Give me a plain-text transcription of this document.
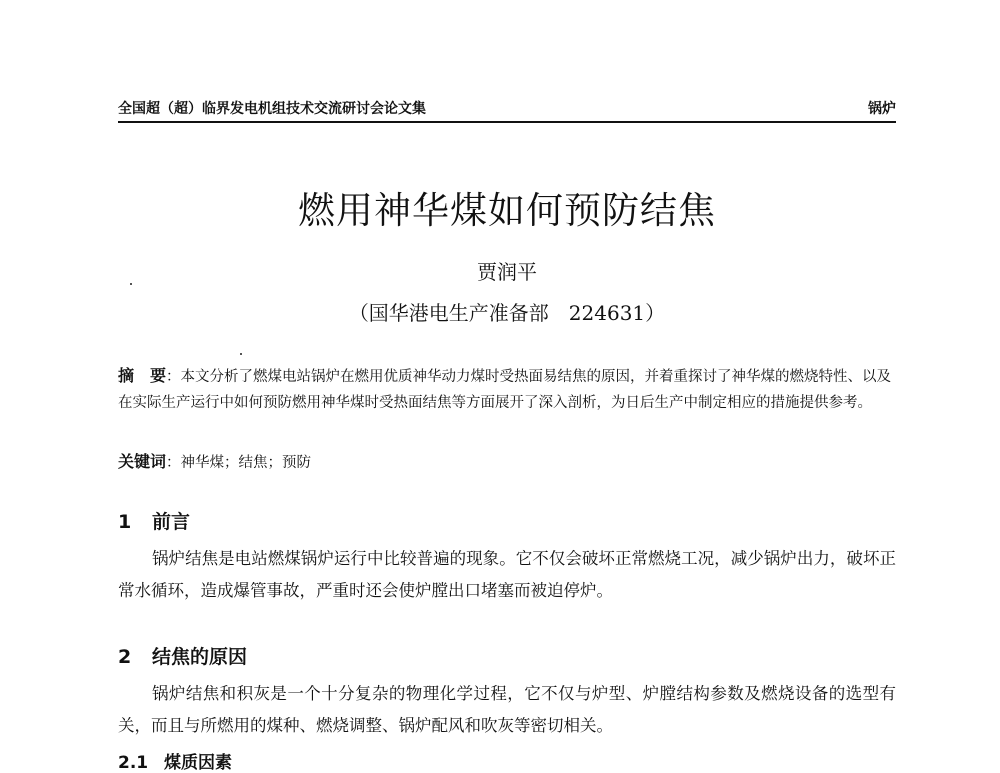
全国超（超）临界发电机组技术交流研讨会论文集	锅炉
燃用神华煤如何预防结焦
贾润平
（国华港电生产准备部　224631）
摘　要：本文分析了燃煤电站锅炉在燃用优质神华动力煤时受热面易结焦的原因，并着重探讨了神华煤的燃烧特性、以及在实际生产运行中如何预防燃用神华煤时受热面结焦等方面展开了深入剖析，为日后生产中制定相应的措施提供参考。
关键词：神华煤；结焦；预防
1 前言
锅炉结焦是电站燃煤锅炉运行中比较普遍的现象。它不仅会破坏正常燃烧工况，减少锅炉出力，破坏正常水循环，造成爆管事故，严重时还会使炉膛出口堵塞而被迫停炉。
2 结焦的原因
锅炉结焦和积灰是一个十分复杂的物理化学过程，它不仅与炉型、炉膛结构参数及燃烧设备的选型有关，而且与所燃用的煤种、燃烧调整、锅炉配风和吹灰等密切相关。
2.1 煤质因素
